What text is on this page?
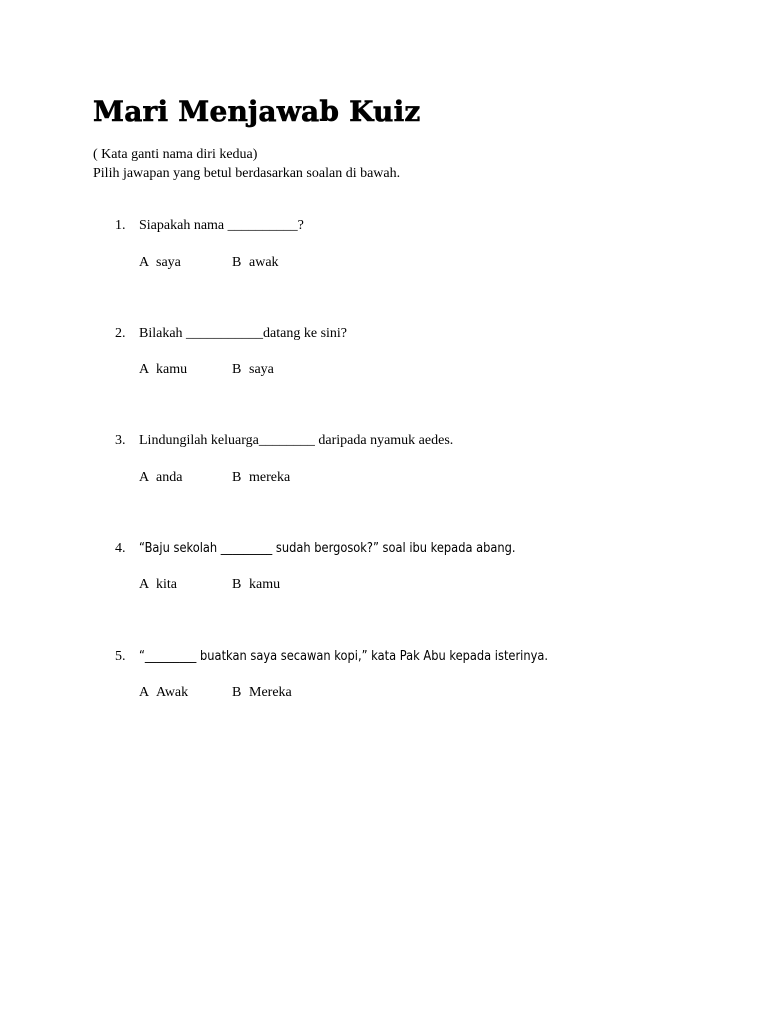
Mari Menjawab Kuiz
( Kata ganti nama diri kedua)
Pilih jawapan yang betul berdasarkan soalan di bawah.
1. Siapakah nama __________?
A saya	B awak
2. Bilakah ___________datang ke sini?
A kamu	B saya
3. Lindungilah keluarga________ daripada nyamuk aedes.
A anda	B mereka
4. “Baju sekolah _________ sudah bergosok?” soal ibu kepada abang.
A kita	B kamu
5. “_________ buatkan saya secawan kopi,” kata Pak Abu kepada isterinya.
A Awak	B Mereka
